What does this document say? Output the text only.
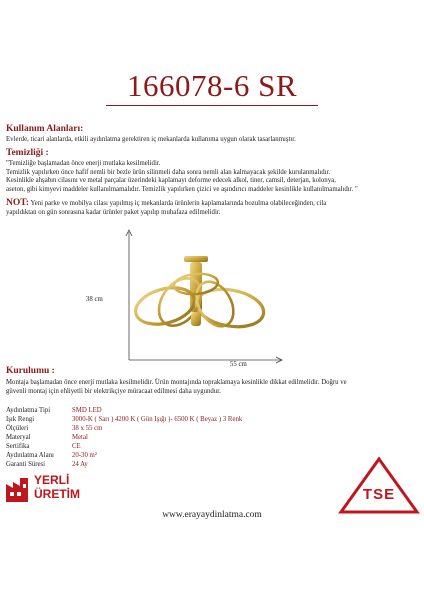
166078-6 SR
Kullanım Alanları:
Evlerde, ticari alanlarda, etkili aydınlatma gerektiren iç mekanlarda kullanıma uygun olarak tasarlanmıştır.
Temizliği :
"Temizliğe başlamadan önce enerji mutlaka kesilmelidir.
Temizlik yapılırken önce hafif nemli bir bezle ürün silinmeli daha sonra nemli alan kalmayacak şekilde kurulanmalıdır.
Kesinlikle ahşabın cilasını ve metal parçalar üzerindeki kaplamayı deforme edecek alkol, tiner, camsil, deterjan, kolonya,
aseton, gibi kimyevi maddeler kullanılmamalıdır. Temizlik yapılırken çizici ve aşındırıcı maddeler kesinlikle kullanılmamalıdır. "
NOT: Yeni parke ve mobilya cilası yapılmış iç mekanlarda ürünlerin kaplamalarında bozulma olabileceğinden, cila
yapıldıktan on gün sonrasına kadar ürünler paket yapılıp muhafaza edilmelidir.
38 cm
55 cm
Kurulumu :
Montaja başlamadan önce enerji mutlaka kesilmelidir. Ürün montajında topraklamaya kesinlikle dikkat edilmelidir. Doğru ve
güvenli montaj için ehliyetli bir elektrikçiye müracaat edilmesi daha uygundur.
Aydınlatma Tipi	SMD LED
Işık Rengi	3000-K ( Sarı ) 4200 K ( Gün Işığı )- 6500 K ( Beyaz ) 3 Renk
Ölçüleri	38 x 55 cm
Materyal	Metal
Sertifika	CE
Aydınlatma Alanı	20-30 m²
Garanti Süresi	24 Ay
YERLİ
ÜRETİM	TSE
www.erayaydinlatma.com
